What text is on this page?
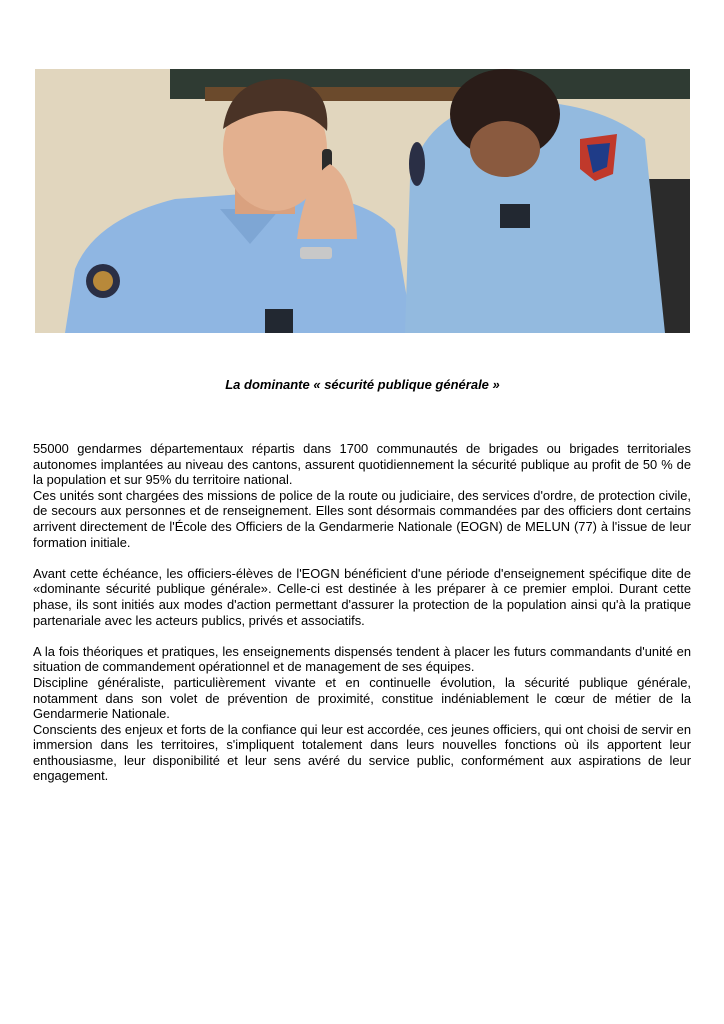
La dominante « sécurité publique générale »

55000 gendarmes départementaux répartis dans 1700 communautés de brigades ou brigades territoriales autonomes implantées au niveau des cantons, assurent quotidiennement la sécurité publique au profit de 50 % de la population et sur 95% du territoire national.

Ces unités sont chargées des missions de police de la route ou judiciaire, des services d'ordre, de protection civile, de secours aux personnes et de renseignement. Elles sont désormais commandées par des officiers dont certains arrivent directement de l'École des Officiers de la Gendarmerie Nationale (EOGN) de MELUN (77) à l'issue de leur formation initiale.

Avant cette échéance, les officiers-élèves de l'EOGN bénéficient d'une période d'enseignement spécifique dite de «dominante sécurité publique générale». Celle-ci est destinée à les préparer à ce premier emploi. Durant cette phase, ils sont initiés aux modes d'action permettant d'assurer la protection de la population ainsi qu'à la pratique partenariale avec les acteurs publics, privés et associatifs.

A la fois théoriques et pratiques, les enseignements dispensés tendent à placer les futurs commandants d'unité en situation de commandement opérationnel et de management de ses équipes.

Discipline généraliste, particulièrement vivante et en continuelle évolution, la sécurité publique générale, notamment dans son volet de prévention de proximité, constitue indéniablement le cœur de métier de la Gendarmerie Nationale.

Conscients des enjeux et forts de la confiance qui leur est accordée, ces jeunes officiers, qui ont choisi de servir en immersion dans les territoires, s'impliquent totalement dans leurs nouvelles fonctions où ils apportent leur enthousiasme, leur disponibilité et leur sens avéré du service public, conformément aux aspirations de leur engagement.
